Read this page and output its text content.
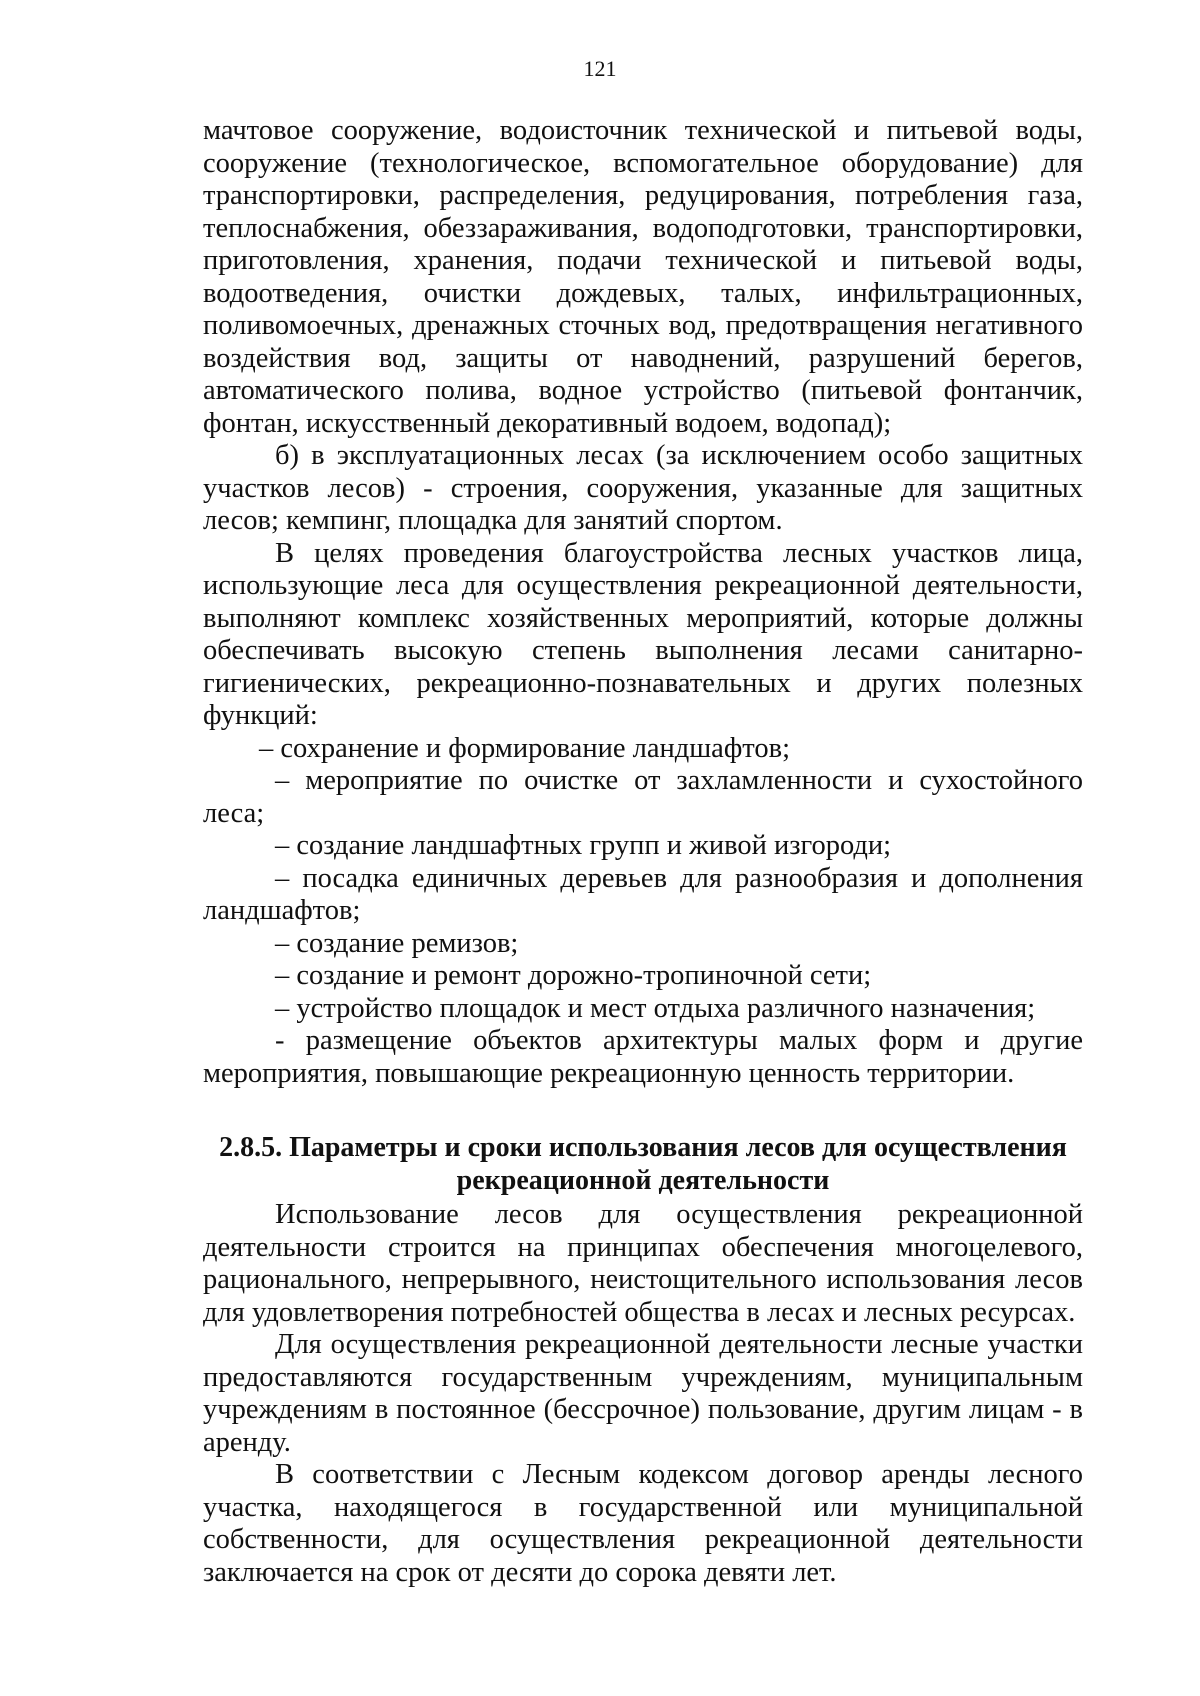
121

мачтовое сооружение, водоисточник технической и питьевой воды, сооружение (технологическое, вспомогательное оборудование) для транспортировки, распределения, редуцирования, потребления газа, теплоснабжения, обеззараживания, водоподготовки, транспортировки, приготовления, хранения, подачи технической и питьевой воды, водоотведения, очистки дождевых, талых, инфильтрационных, поливомоечных, дренажных сточных вод, предотвращения негативного воздействия вод, защиты от наводнений, разрушений берегов, автоматического полива, водное устройство (питьевой фонтанчик, фонтан, искусственный декоративный водоем, водопад);

б) в эксплуатационных лесах (за исключением особо защитных участков лесов) - строения, сооружения, указанные для защитных лесов; кемпинг, площадка для занятий спортом.

В целях проведения благоустройства лесных участков лица, использующие леса для осуществления рекреационной деятельности, выполняют комплекс хозяйственных мероприятий, которые должны обеспечивать высокую степень выполнения лесами санитарно-гигиенических, рекреационно-познавательных и других полезных функций:

– сохранение и формирование ландшафтов;

– мероприятие по очистке от захламленности и сухостойного леса;

– создание ландшафтных групп и живой изгороди;

– посадка единичных деревьев для разнообразия и дополнения ландшафтов;

– создание ремизов;

– создание и ремонт дорожно-тропиночной сети;

– устройство площадок и мест отдыха различного назначения;

- размещение объектов архитектуры малых форм и другие мероприятия, повышающие рекреационную ценность территории.

2.8.5. Параметры и сроки использования лесов для осуществления
рекреационной деятельности

Использование лесов для осуществления рекреационной деятельности строится на принципах обеспечения многоцелевого, рационального, непрерывного, неистощительного использования лесов для удовлетворения потребностей общества в лесах и лесных ресурсах.

Для осуществления рекреационной деятельности лесные участки предоставляются государственным учреждениям, муниципальным учреждениям в постоянное (бессрочное) пользование, другим лицам - в аренду.

В соответствии с Лесным кодексом договор аренды лесного участка, находящегося в государственной или муниципальной собственности, для осуществления рекреационной деятельности заключается на срок от десяти до сорока девяти лет.
